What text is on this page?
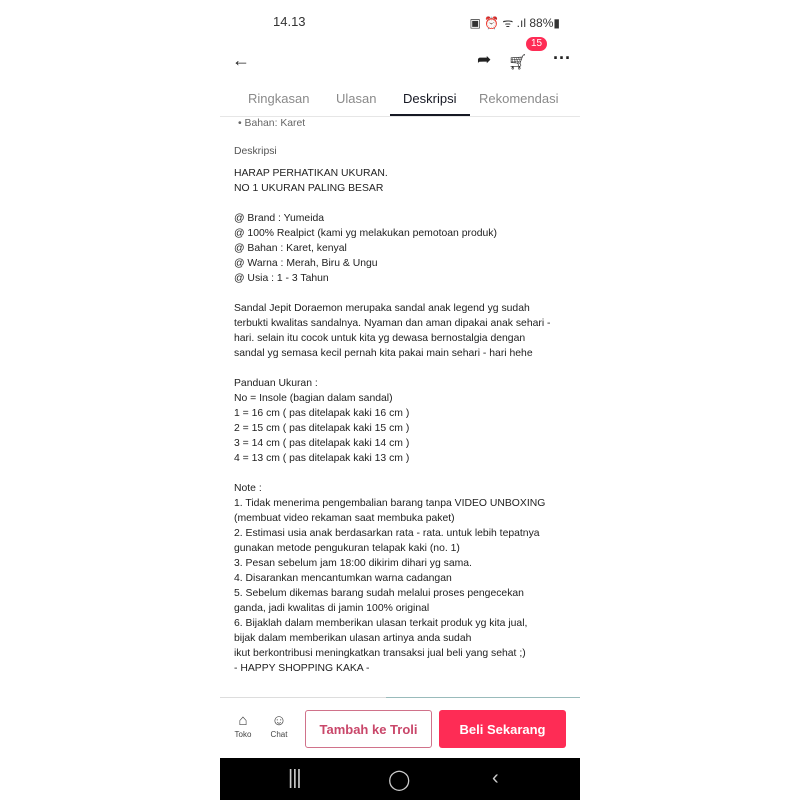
14.13	▣ ⏰ ᯤ .ıl 88%▮
←	➦ 🛒︎ ···
15
Ringkasan Ulasan Deskripsi Rekomendasi
• Bahan: Karet
Deskripsi
HARAP PERHATIKAN UKURAN.
NO 1 UKURAN PALING BESAR
@ Brand : Yumeida
@ 100% Realpict (kami yg melakukan pemotoan produk)
@ Bahan : Karet, kenyal
@ Warna : Merah, Biru & Ungu
@ Usia : 1 - 3 Tahun
Sandal Jepit Doraemon merupaka sandal anak legend yg sudah
terbukti kwalitas sandalnya. Nyaman dan aman dipakai anak sehari -
hari. selain itu cocok untuk kita yg dewasa bernostalgia dengan
sandal yg semasa kecil pernah kita pakai main sehari - hari hehe
Panduan Ukuran :
No = Insole (bagian dalam sandal)
1 = 16 cm ( pas ditelapak kaki 16 cm )
2 = 15 cm ( pas ditelapak kaki 15 cm )
3 = 14 cm ( pas ditelapak kaki 14 cm )
4 = 13 cm ( pas ditelapak kaki 13 cm )
Note :
1. Tidak menerima pengembalian barang tanpa VIDEO UNBOXING
(membuat video rekaman saat membuka paket)
2. Estimasi usia anak berdasarkan rata - rata. untuk lebih tepatnya
gunakan metode pengukuran telapak kaki (no. 1)
3. Pesan sebelum jam 18:00 dikirim dihari yg sama.
4. Disarankan mencantumkan warna cadangan
5. Sebelum dikemas barang sudah melalui proses pengecekan
ganda, jadi kwalitas di jamin 100% original
6. Bijaklah dalam memberikan ulasan terkait produk yg kita jual,
bijak dalam memberikan ulasan artinya anda sudah
ikut berkontribusi meningkatkan transaksi jual beli yang sehat ;)
- HAPPY SHOPPING KAKA -
⌂
Toko
☺
Chat	Tambah ke Troli	Beli Sekarang
|||	◯	‹
